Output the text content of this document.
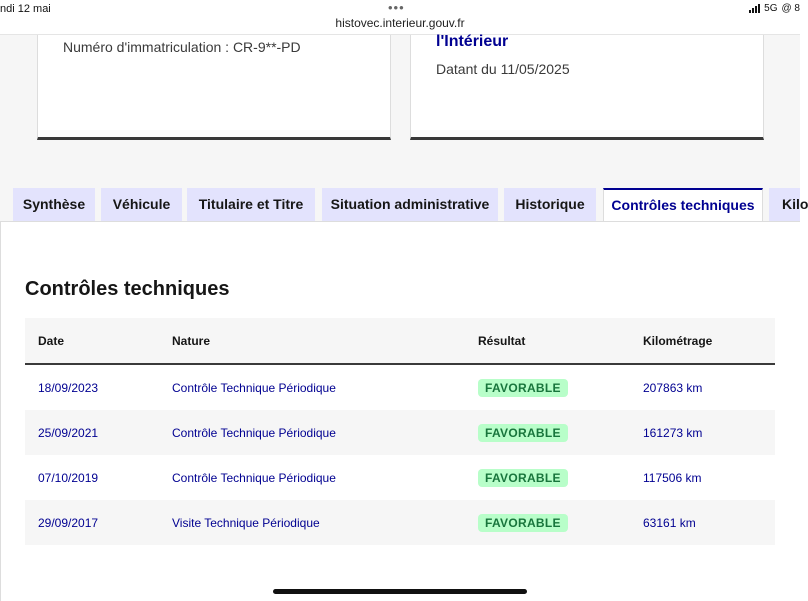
ndi 12 mai	•••
histovec.interieur.gouv.fr
5G @ 8
Numéro d'immatriculation : CR-9**-PD	l'Intérieur
Datant du 11/05/2025
Synthèse	Véhicule	Titulaire et Titre	Situation administrative	Historique	Contrôles techniques	Kilo
Contrôles techniques
Date	Nature	Résultat	Kilométrage
18/09/2023	Contrôle Technique Périodique	FAVORABLE	207863 km
25/09/2021	Contrôle Technique Périodique	FAVORABLE	161273 km
07/10/2019	Contrôle Technique Périodique	FAVORABLE	117506 km
29/09/2017	Visite Technique Périodique	FAVORABLE	63161 km
